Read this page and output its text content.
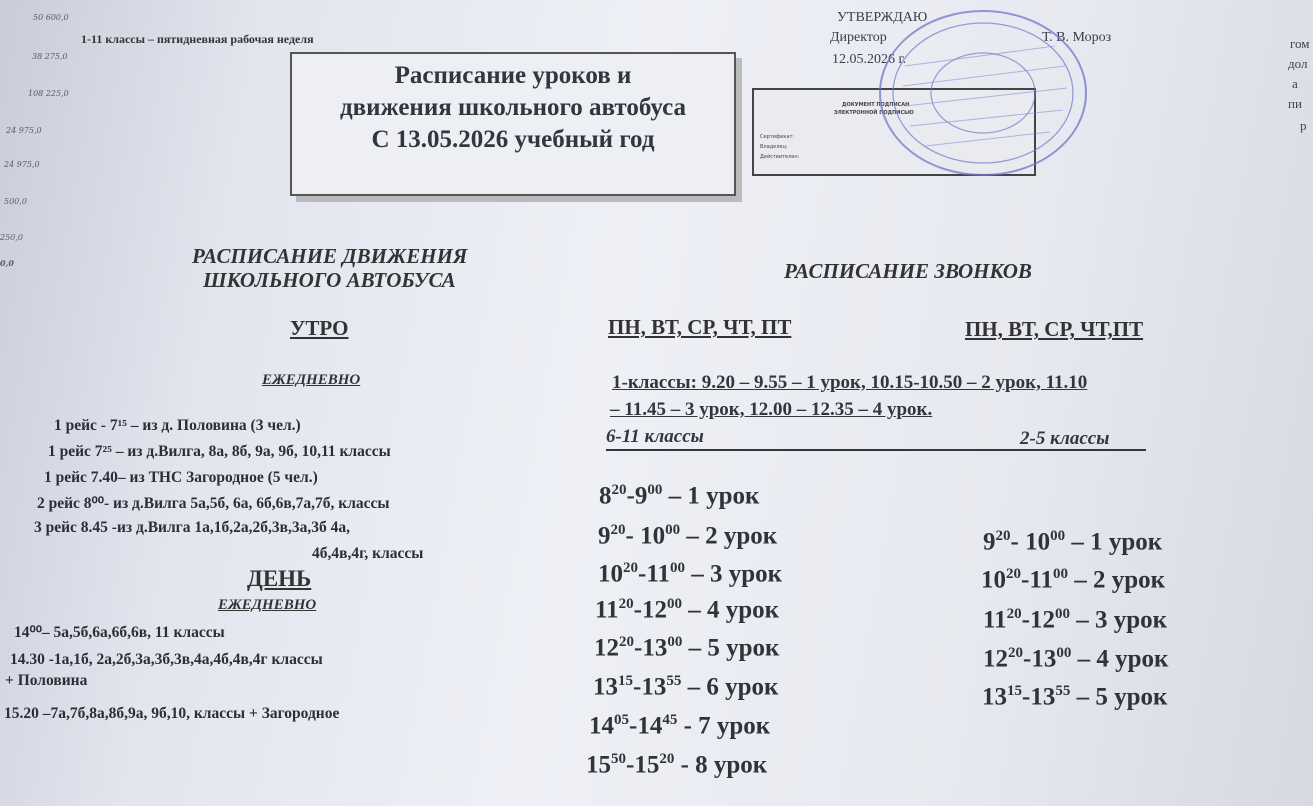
50 600,0
38 275,0
108 225,0
24 975,0
24 975,0
500,0
250,0
0,0
1-11 классы – пятидневная рабочая неделя
УТВЕРЖДАЮ
Директор	Т. В. Мороз
12.05.2026 г.
Расписание уроков и
движения школьного автобуса
С 13.05.2026 учебный год
ДОКУМЕНТ ПОДПИСАН
ЭЛЕКТРОННОЙ ПОДПИСЬЮ
Сертификат:
Владелец:
Действителен:
гом
дол
а
пи
р
РАСПИСАНИЕ ДВИЖЕНИЯ
ШКОЛЬНОГО АВТОБУСА
УТРО
ЕЖЕДНЕВНО
1 рейс - 7¹⁵ – из д. Половина (3 чел.)
1 рейс 7²⁵ – из д.Вилга, 8а, 8б, 9а, 9б, 10,11 классы
1 рейс 7.40– из ТНС Загородное (5 чел.)
2 рейс 8⁰⁰- из д.Вилга 5а,5б, 6а, 6б,6в,7а,7б, классы
3 рейс 8.45 -из д.Вилга 1а,1б,2а,2б,3в,3а,3б 4а,
4б,4в,4г, классы
ДЕНЬ
ЕЖЕДНЕВНО
14⁰⁰– 5а,5б,6а,6б,6в, 11 классы
14.30 -1а,1б, 2а,2б,3а,3б,3в,4а,4б,4в,4г классы
+ Половина
15.20 –7а,7б,8а,8б,9а, 9б,10, классы + Загородное
РАСПИСАНИЕ ЗВОНКОВ
ПН, ВТ, СР, ЧТ, ПТ	ПН, ВТ, СР, ЧТ,ПТ
1-классы: 9.20 – 9.55 – 1 урок, 10.15-10.50 – 2 урок, 11.10
– 11.45 – 3 урок, 12.00 – 12.35 – 4 урок.
6-11 классы	2-5 классы
$8^{20}-9^{00} - 1$ урок
$9^{20}-$ $10^{00} - 2$ урок
$10^{20}-11^{00} - 3$ урок
$11^{20}-12^{00} - 4$ урок
$12^{20}-13^{00} - 5$ урок
$13^{15}-13^{55} - 6$ урок
$14^{05}-14^{45} - 7$ урок
$15^{50}-15^{20} - 8$ урок
$9^{20}-$ $10^{00} - 1$ урок
$10^{20}-11^{00} - 2$ урок
$11^{20}-12^{00} - 3$ урок
$12^{20}-13^{00} - 4$ урок
$13^{15}-13^{55} - 5$ урок
